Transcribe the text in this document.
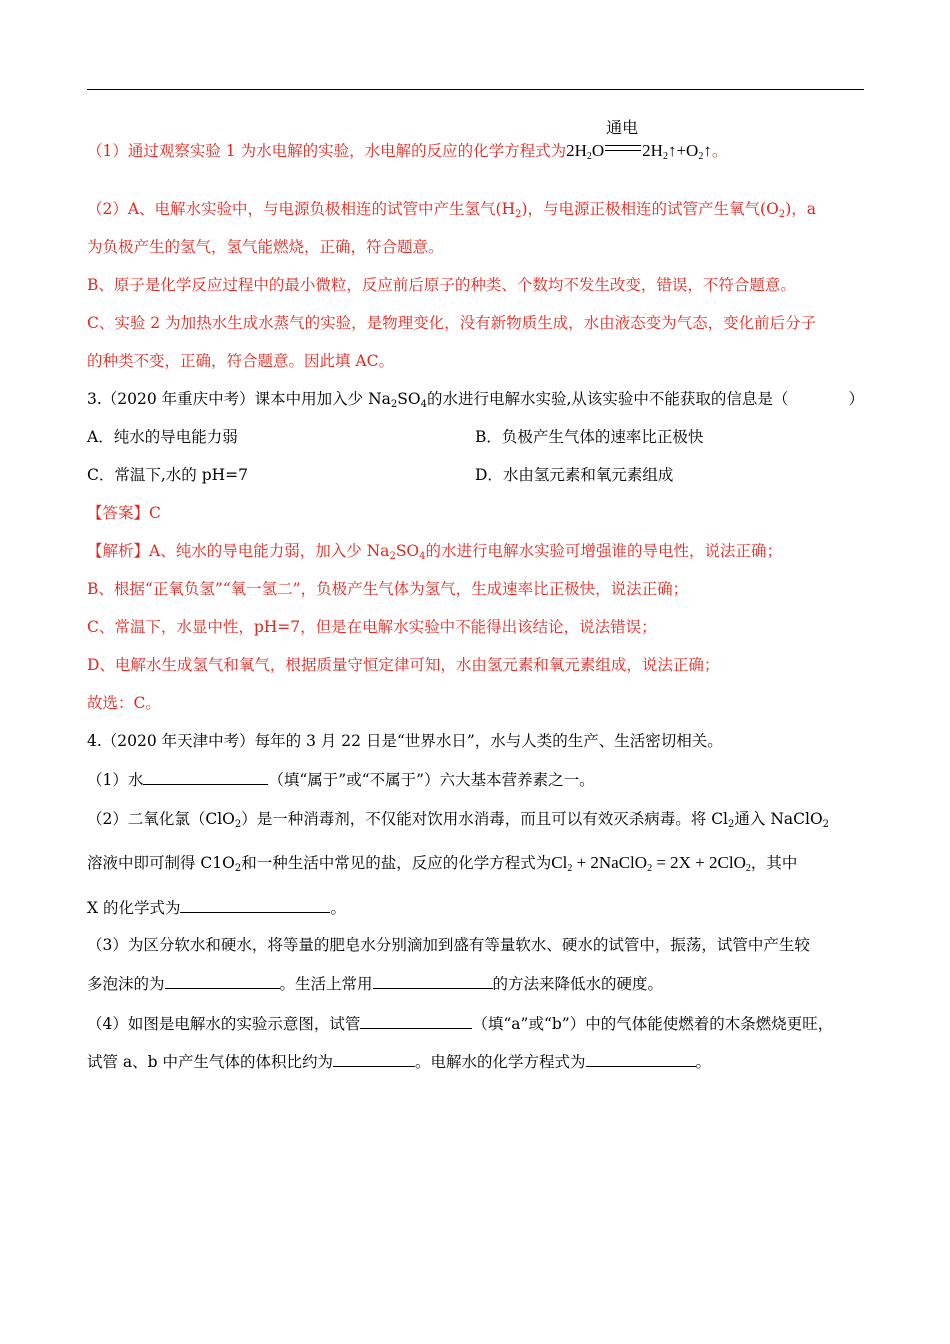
（1）通过观察实验 1 为水电解的实验，水电解的反应的化学方程式为$2H_2O$
通电
$2H_2↑+O_2↑$。
（2）A、电解水实验中，与电源负极相连的试管中产生氢气$(H_2)$，与电源正极相连的试管产生氧气$(O_2)$，a
为负极产生的氢气，氢气能燃烧，正确，符合题意。
B、原子是化学反应过程中的最小微粒，反应前后原子的种类、个数均不发生改变，错误，不符合题意。
C、实验 2 为加热水生成水蒸气的实验，是物理变化，没有新物质生成，水由液态变为气态，变化前后分子
的种类不变，正确，符合题意。因此填 AC。
3.（2020 年重庆中考）课本中用加入少 $Na_2SO_4$的水进行电解水实验,从该实验中不能获取的信息是（	）
A．纯水的导电能力弱	B．负极产生气体的速率比正极快
C．常温下,水的 pH=7	D．水由氢元素和氧元素组成
【答案】C
【解析】A、纯水的导电能力弱，加入少 $Na_2SO_4$的水进行电解水实验可增强谁的导电性，说法正确；
B、根据“正氧负氢”“氧一氢二”，负极产生气体为氢气，生成速率比正极快，说法正确；
C、常温下，水显中性，pH=7，但是在电解水实验中不能得出该结论，说法错误；
D、电解水生成氢气和氧气，根据质量守恒定律可知，水由氢元素和氧元素组成，说法正确；
故选：C。
4.（2020 年天津中考）每年的 3 月 22 日是“世界水日”，水与人类的生产、生活密切相关。
（1）水	（填“属于”或“不属于”）六大基本营养素之一。
（2）二氧化氯（ClO$_2$）是一种消毒剂，不仅能对饮用水消毒，而且可以有效灭杀病毒。将 $Cl_2$通入 NaClO$_2$
溶液中即可制得 $C1O_2$和一种生活中常见的盐，反应的化学方程式为$Cl_2$ + 2NaClO$_2$ = 2X + 2ClO$_2$，其中
X 的化学式为	。
（3）为区分软水和硬水，将等量的肥皂水分别滴加到盛有等量软水、硬水的试管中，振荡，试管中产生较
多泡沫的为	。生活上常用	的方法来降低水的硬度。
（4）如图是电解水的实验示意图，试管	（填“a”或“b”）中的气体能使燃着的木条燃烧更旺，
试管 a、b 中产生气体的体积比约为	。电解水的化学方程式为	。
